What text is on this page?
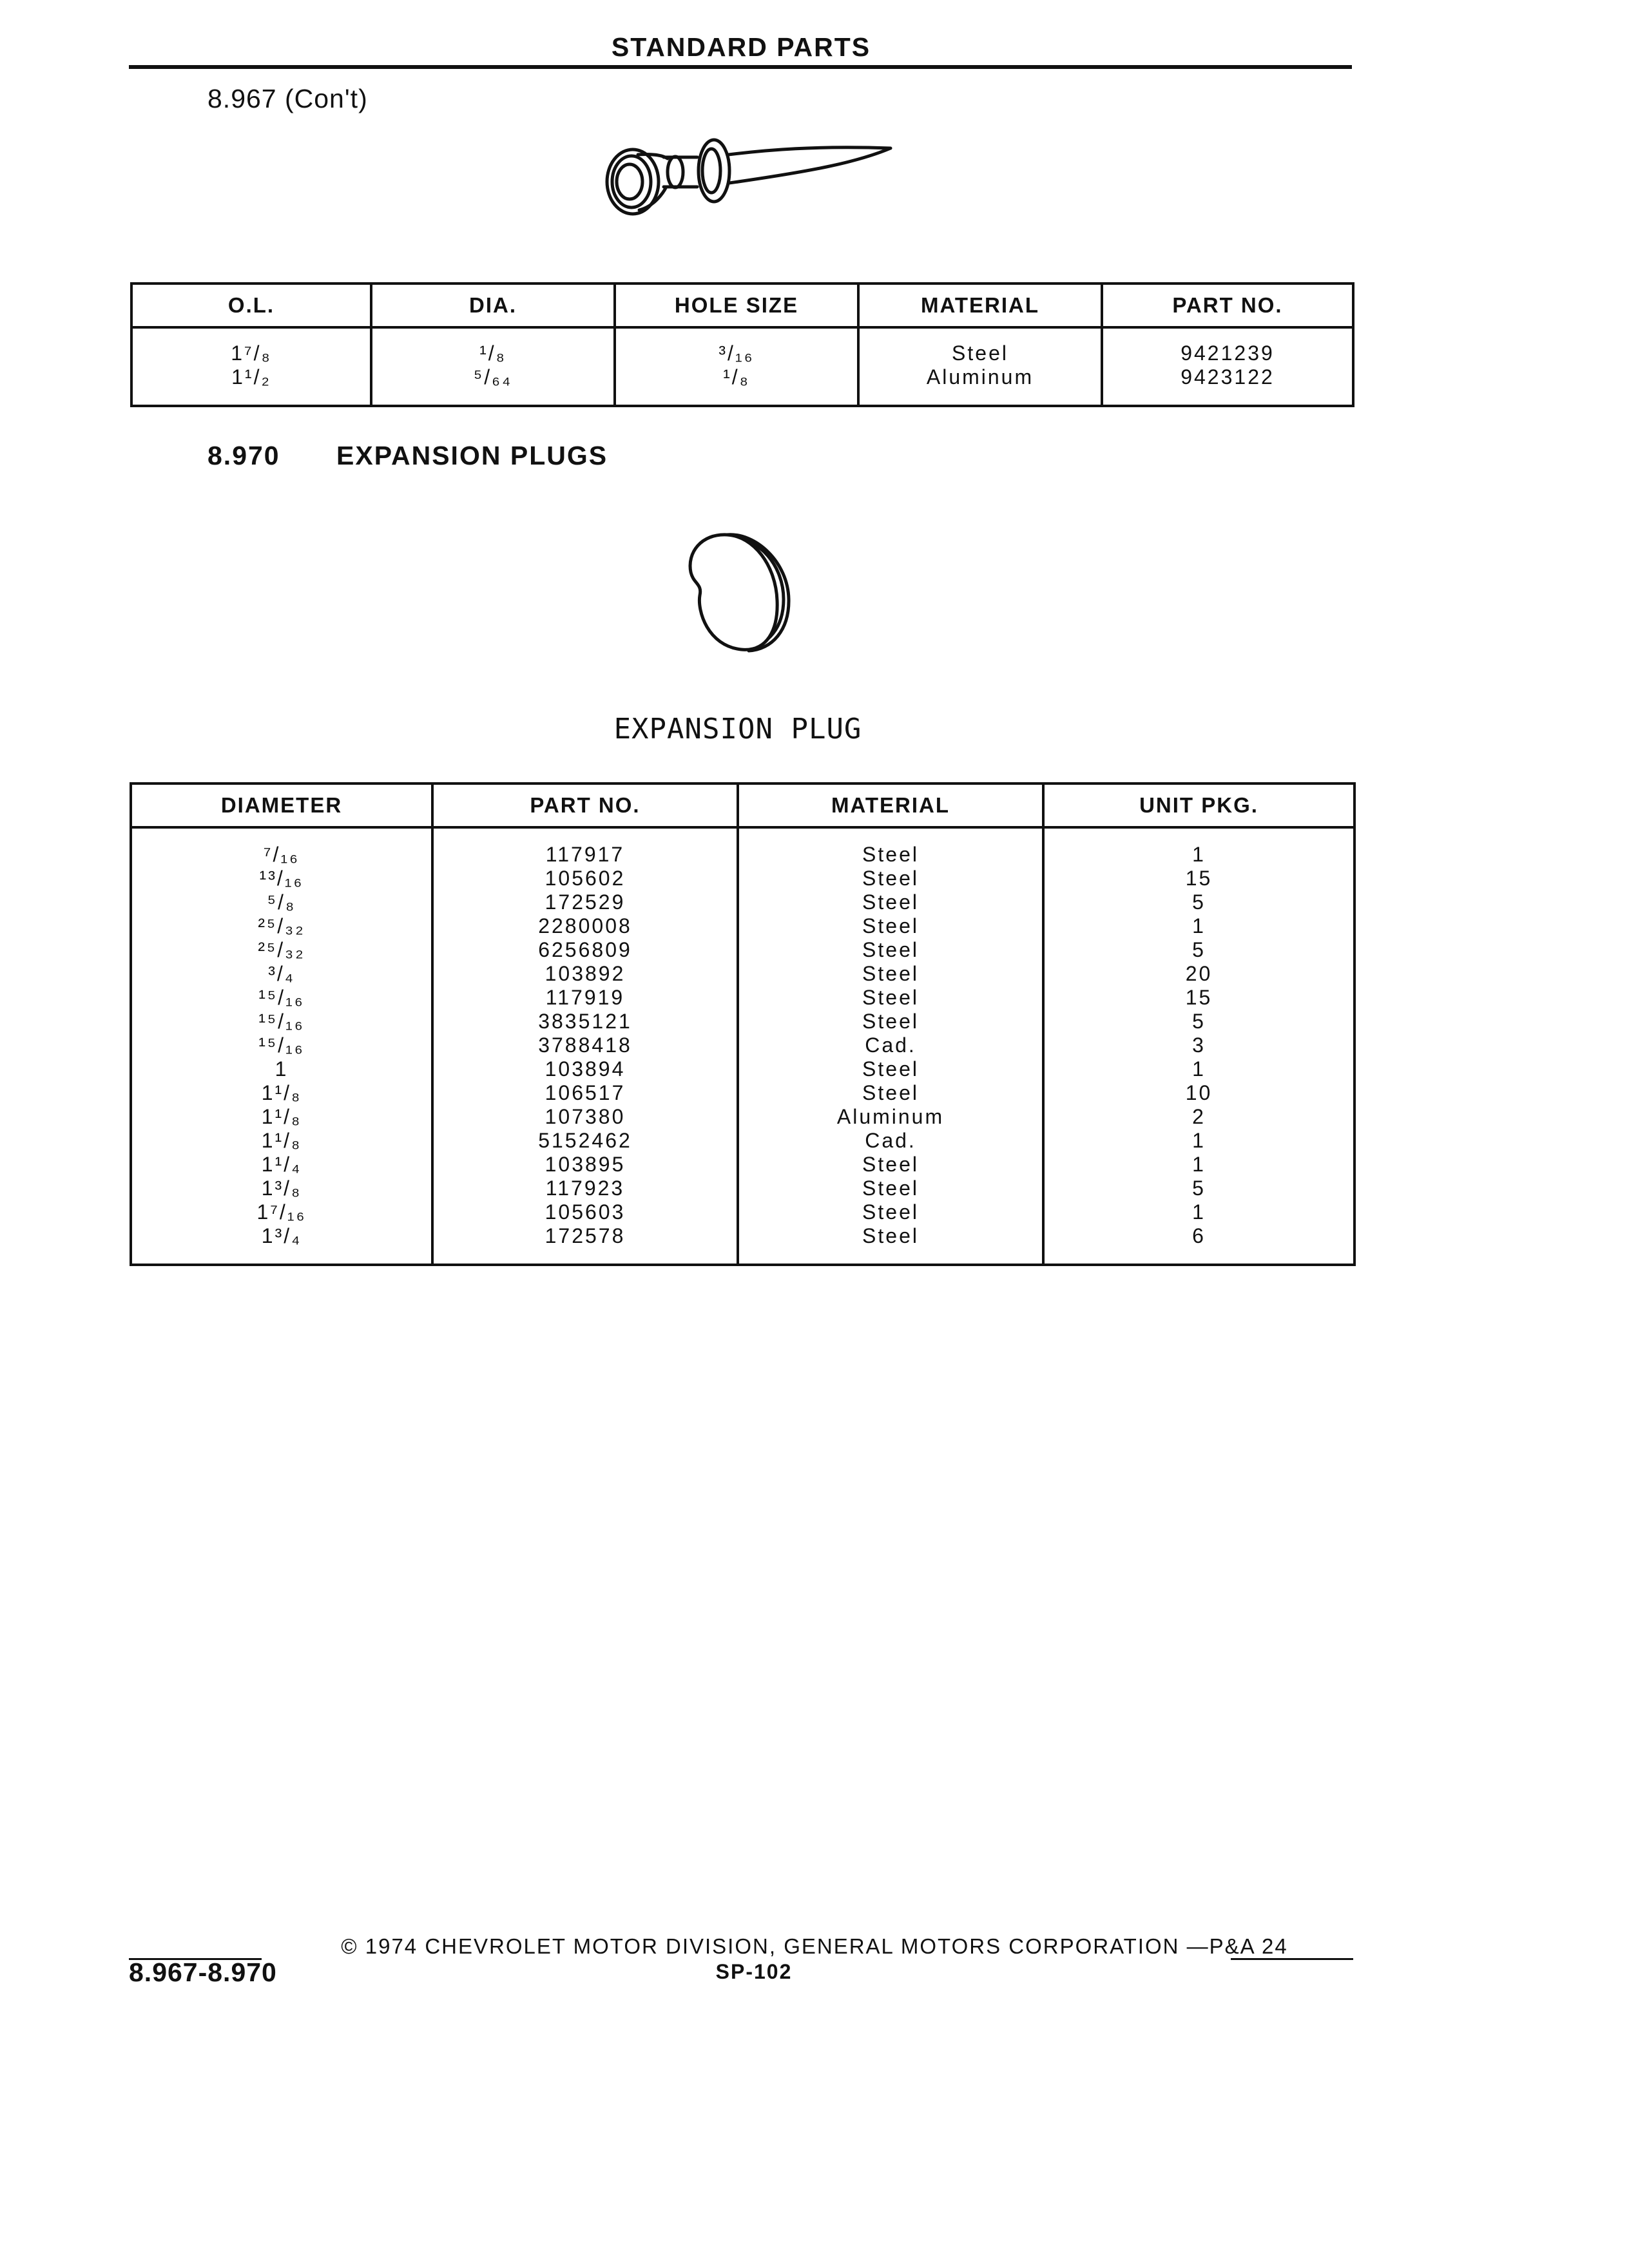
STANDARD PARTS
8.967 (Con't)
O.L.	DIA.	HOLE SIZE	MATERIAL	PART NO.
1⁷/₈	¹/₈	³/₁₆	Steel	9421239
1¹/₂	⁵/₆₄	¹/₈	Aluminum	9423122
8.970 EXPANSION PLUGS
EXPANSION PLUG
DIAMETER	PART NO.	MATERIAL	UNIT PKG.
⁷/₁₆	117917	Steel	1
¹³/₁₆	105602	Steel	15
⁵/₈	172529	Steel	5
²⁵/₃₂	2280008	Steel	1
²⁵/₃₂	6256809	Steel	5
³/₄	103892	Steel	20
¹⁵/₁₆	117919	Steel	15
¹⁵/₁₆	3835121	Steel	5
¹⁵/₁₆	3788418	Cad.	3
1	103894	Steel	1
1¹/₈	106517	Steel	10
1¹/₈	107380	Aluminum	2
1¹/₈	5152462	Cad.	1
1¹/₄	103895	Steel	1
1³/₈	117923	Steel	5
1⁷/₁₆	105603	Steel	1
1³/₄	172578	Steel	6
© 1974 CHEVROLET MOTOR DIVISION, GENERAL MOTORS CORPORATION —P&A 24
8.967-8.970	SP-102
